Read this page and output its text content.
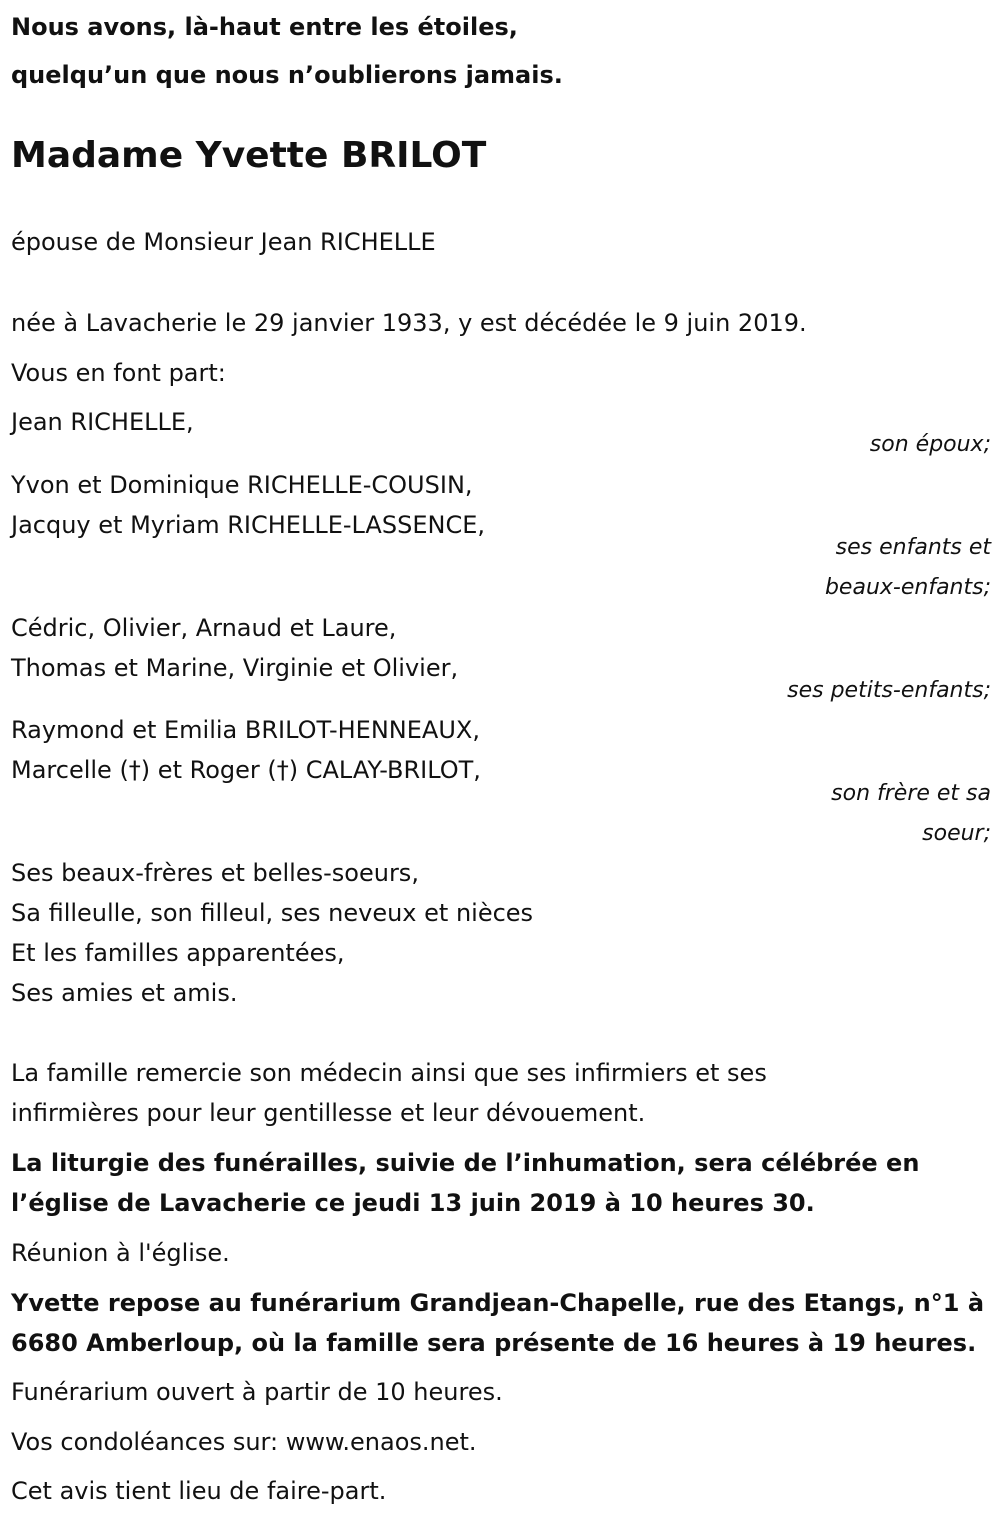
Nous avons, là-haut entre les étoiles,
quelqu’un que nous n’oublierons jamais.
Madame Yvette BRILOT
épouse de Monsieur Jean RICHELLE
née à Lavacherie le 29 janvier 1933, y est décédée le 9 juin 2019.
Vous en font part:
Jean RICHELLE,
son époux;
Yvon et Dominique RICHELLE-COUSIN,
Jacquy et Myriam RICHELLE-LASSENCE,
ses enfants et
beaux-enfants;
Cédric, Olivier, Arnaud et Laure,
Thomas et Marine, Virginie et Olivier,
ses petits-enfants;
Raymond et Emilia BRILOT-HENNEAUX,
Marcelle (†) et Roger (†) CALAY-BRILOT,
son frère et sa
soeur;
Ses beaux-frères et belles-soeurs,
Sa filleulle, son filleul, ses neveux et nièces
Et les familles apparentées,
Ses amies et amis.
La famille remercie son médecin ainsi que ses infirmiers et ses
infirmières pour leur gentillesse et leur dévouement.
La liturgie des funérailles, suivie de l’inhumation, sera célébrée en
l’église de Lavacherie ce jeudi 13 juin 2019 à 10 heures 30.
Réunion à l'église.
Yvette repose au funérarium Grandjean-Chapelle, rue des Etangs, n°1 à
6680 Amberloup, où la famille sera présente de 16 heures à 19 heures.
Funérarium ouvert à partir de 10 heures.
Vos condoléances sur: www.enaos.net.
Cet avis tient lieu de faire-part.
